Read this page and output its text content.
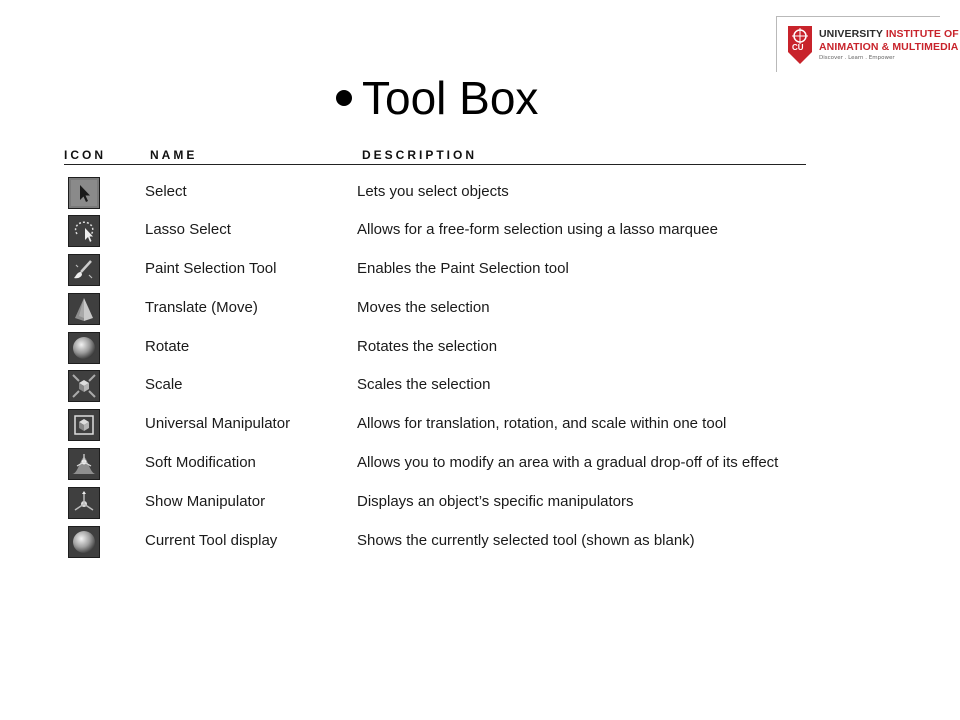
CU
UNIVERSITY INSTITUTE OF
ANIMATION & MULTIMEDIA
Discover . Learn . Empower
Tool Box
ICON	NAME	DESCRIPTION
Select	Lets you select objects
Lasso Select	Allows for a free-form selection using a lasso marquee
Paint Selection Tool	Enables the Paint Selection tool
Translate (Move)	Moves the selection
Rotate	Rotates the selection
Scale	Scales the selection
Universal Manipulator	Allows for translation, rotation, and scale within one tool
Soft Modification	Allows you to modify an area with a gradual drop-off of its effect
Show Manipulator	Displays an object’s specific manipulators
Current Tool display	Shows the currently selected tool (shown as blank)
